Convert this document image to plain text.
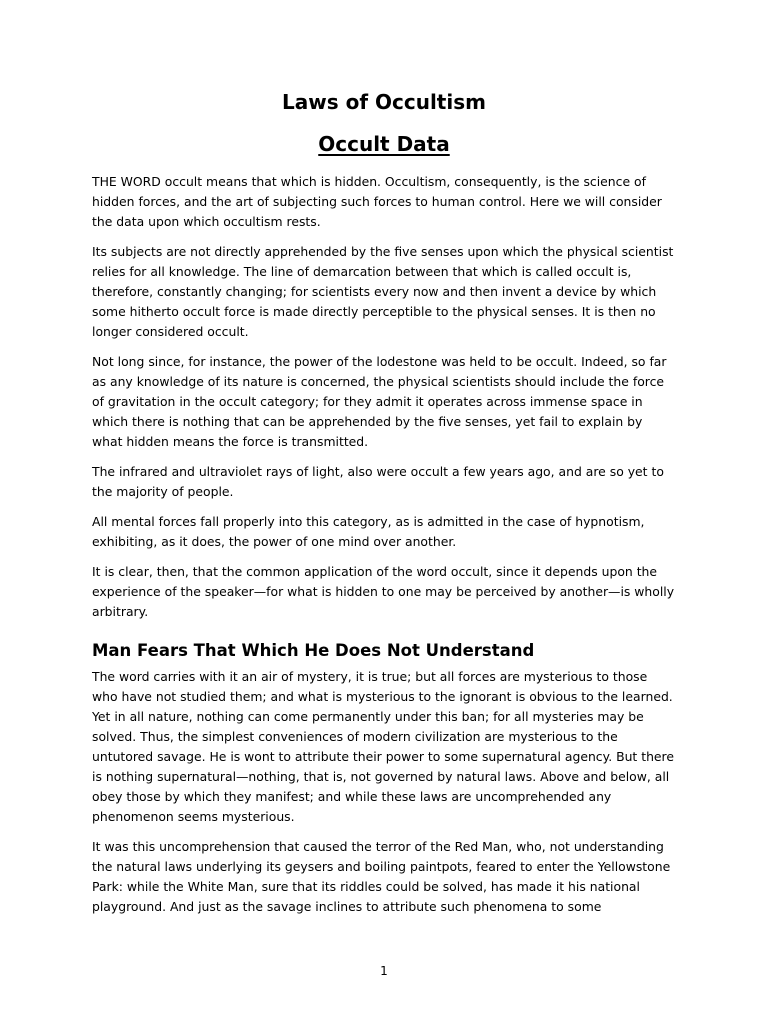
Laws of Occultism
Occult Data

THE WORD occult means that which is hidden. Occultism, consequently, is the science of hidden forces, and the art of subjecting such forces to human control. Here we will consider the data upon which occultism rests.

Its subjects are not directly apprehended by the five senses upon which the physical scientist relies for all knowledge. The line of demarcation between that which is called occult is, therefore, constantly changing; for scientists every now and then invent a device by which some hitherto occult force is made directly perceptible to the physical senses. It is then no longer considered occult.

Not long since, for instance, the power of the lodestone was held to be occult. Indeed, so far as any knowledge of its nature is concerned, the physical scientists should include the force of gravitation in the occult category; for they admit it operates across immense space in which there is nothing that can be apprehended by the five senses, yet fail to explain by what hidden means the force is transmitted.

The infrared and ultraviolet rays of light, also were occult a few years ago, and are so yet to the majority of people.

All mental forces fall properly into this category, as is admitted in the case of hypnotism, exhibiting, as it does, the power of one mind over another.

It is clear, then, that the common application of the word occult, since it depends upon the experience of the speaker—for what is hidden to one may be perceived by another—is wholly arbitrary.

Man Fears That Which He Does Not Understand

The word carries with it an air of mystery, it is true; but all forces are mysterious to those who have not studied them; and what is mysterious to the ignorant is obvious to the learned. Yet in all nature, nothing can come permanently under this ban; for all mysteries may be solved. Thus, the simplest conveniences of modern civilization are mysterious to the untutored savage. He is wont to attribute their power to some supernatural agency. But there is nothing supernatural—nothing, that is, not governed by natural laws. Above and below, all obey those by which they manifest; and while these laws are uncomprehended any phenomenon seems mysterious.

It was this uncomprehension that caused the terror of the Red Man, who, not understanding the natural laws underlying its geysers and boiling paintpots, feared to enter the Yellowstone Park: while the White Man, sure that its riddles could be solved, has made it his national playground. And just as the savage inclines to attribute such phenomena to some

1
